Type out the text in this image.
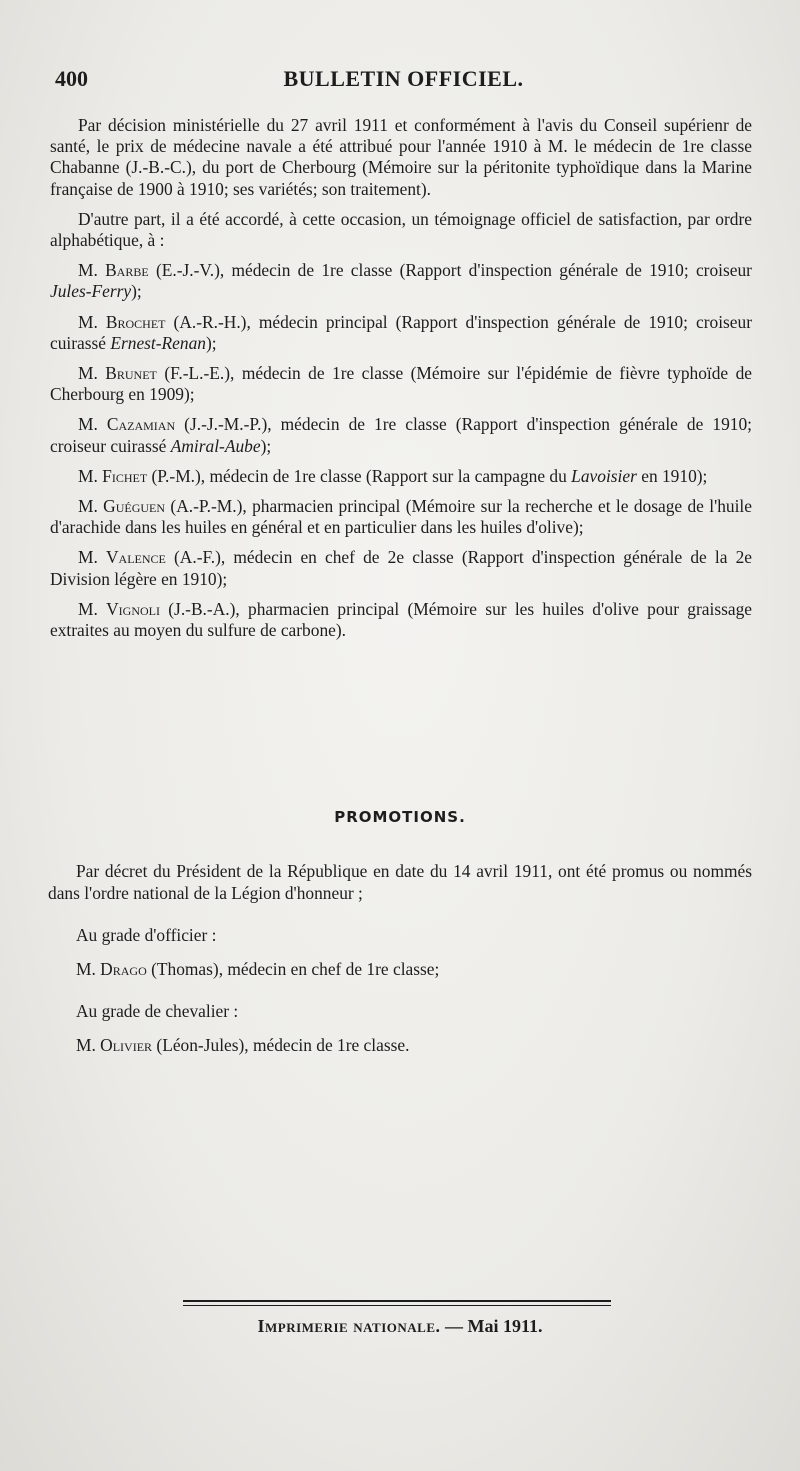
400	BULLETIN OFFICIEL.

Par décision ministérielle du 27 avril 1911 et conformément à l'avis du Conseil supérienr de santé, le prix de médecine navale a été attribué pour l'année 1910 à M. le médecin de 1re classe Chabanne (J.-B.-C.), du port de Cherbourg (Mémoire sur la péritonite typhoïdique dans la Marine française de 1900 à 1910; ses variétés; son traitement).

D'autre part, il a été accordé, à cette occasion, un témoignage officiel de satisfaction, par ordre alphabétique, à :

M. Barbe (E.-J.-V.), médecin de 1re classe (Rapport d'inspection générale de 1910; croiseur Jules-Ferry);

M. Brochet (A.-R.-H.), médecin principal (Rapport d'inspection générale de 1910; croiseur cuirassé Ernest-Renan);

M. Brunet (F.-L.-E.), médecin de 1re classe (Mémoire sur l'épidémie de fièvre typhoïde de Cherbourg en 1909);

M. Cazamian (J.-J.-M.-P.), médecin de 1re classe (Rapport d'inspection générale de 1910; croiseur cuirassé Amiral-Aube);

M. Fichet (P.-M.), médecin de 1re classe (Rapport sur la campagne du Lavoisier en 1910);

M. Guéguen (A.-P.-M.), pharmacien principal (Mémoire sur la recherche et le dosage de l'huile d'arachide dans les huiles en général et en particulier dans les huiles d'olive);

M. Valence (A.-F.), médecin en chef de 2e classe (Rapport d'inspection générale de la 2e Division légère en 1910);

M. Vignoli (J.-B.-A.), pharmacien principal (Mémoire sur les huiles d'olive pour graissage extraites au moyen du sulfure de carbone).

PROMOTIONS.

Par décret du Président de la République en date du 14 avril 1911, ont été promus ou nommés dans l'ordre national de la Légion d'honneur ;

Au grade d'officier :

M. Drago (Thomas), médecin en chef de 1re classe;

Au grade de chevalier :

M. Olivier (Léon-Jules), médecin de 1re classe.

Imprimerie nationale. — Mai 1911.
